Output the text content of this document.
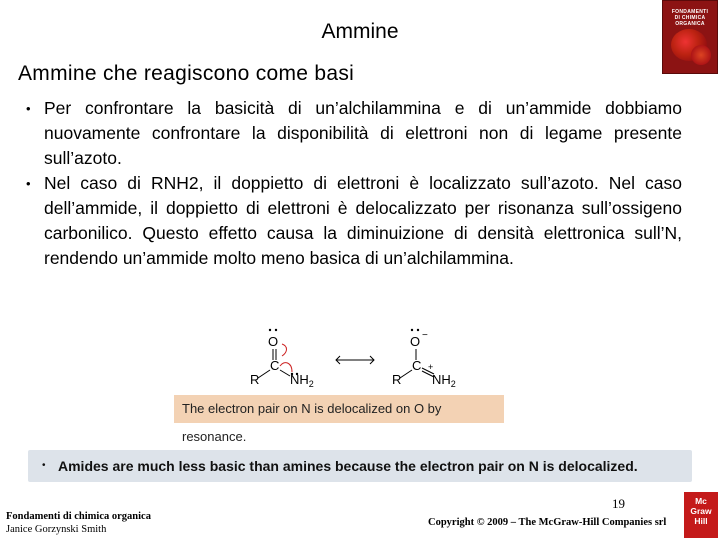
Ammine
FONDAMENTI
DI CHIMICA
ORGANICA
Ammine che reagiscono come basi
• Per confrontare la basicità di un’alchilammina e di un’ammide dobbiamo nuovamente confrontare la disponibilità di elettroni non di legame presente sull’azoto.
• Nel caso di RNH2, il doppietto di elettroni è localizzato sull’azoto. Nel caso dell’ammide, il doppietto di elettroni è delocalizzato per risonanza sull’ossigeno carbonilico. Questo effetto causa la diminuizione di densità elettronica sull’N, rendendo un’ammide molto meno basica di un’alchilammina.
O
C
R $NH_2$
O −
C
R
+
$NH_2$
The electron pair on N is delocalized on O by resonance.
• Amides are much less basic than amines because the electron pair on N is delocalized.
19
Fondamenti di chimica organica
Janice Gorzynski Smith
Copyright © 2009 – The McGraw-Hill Companies srl
Mc
Graw
Hill
